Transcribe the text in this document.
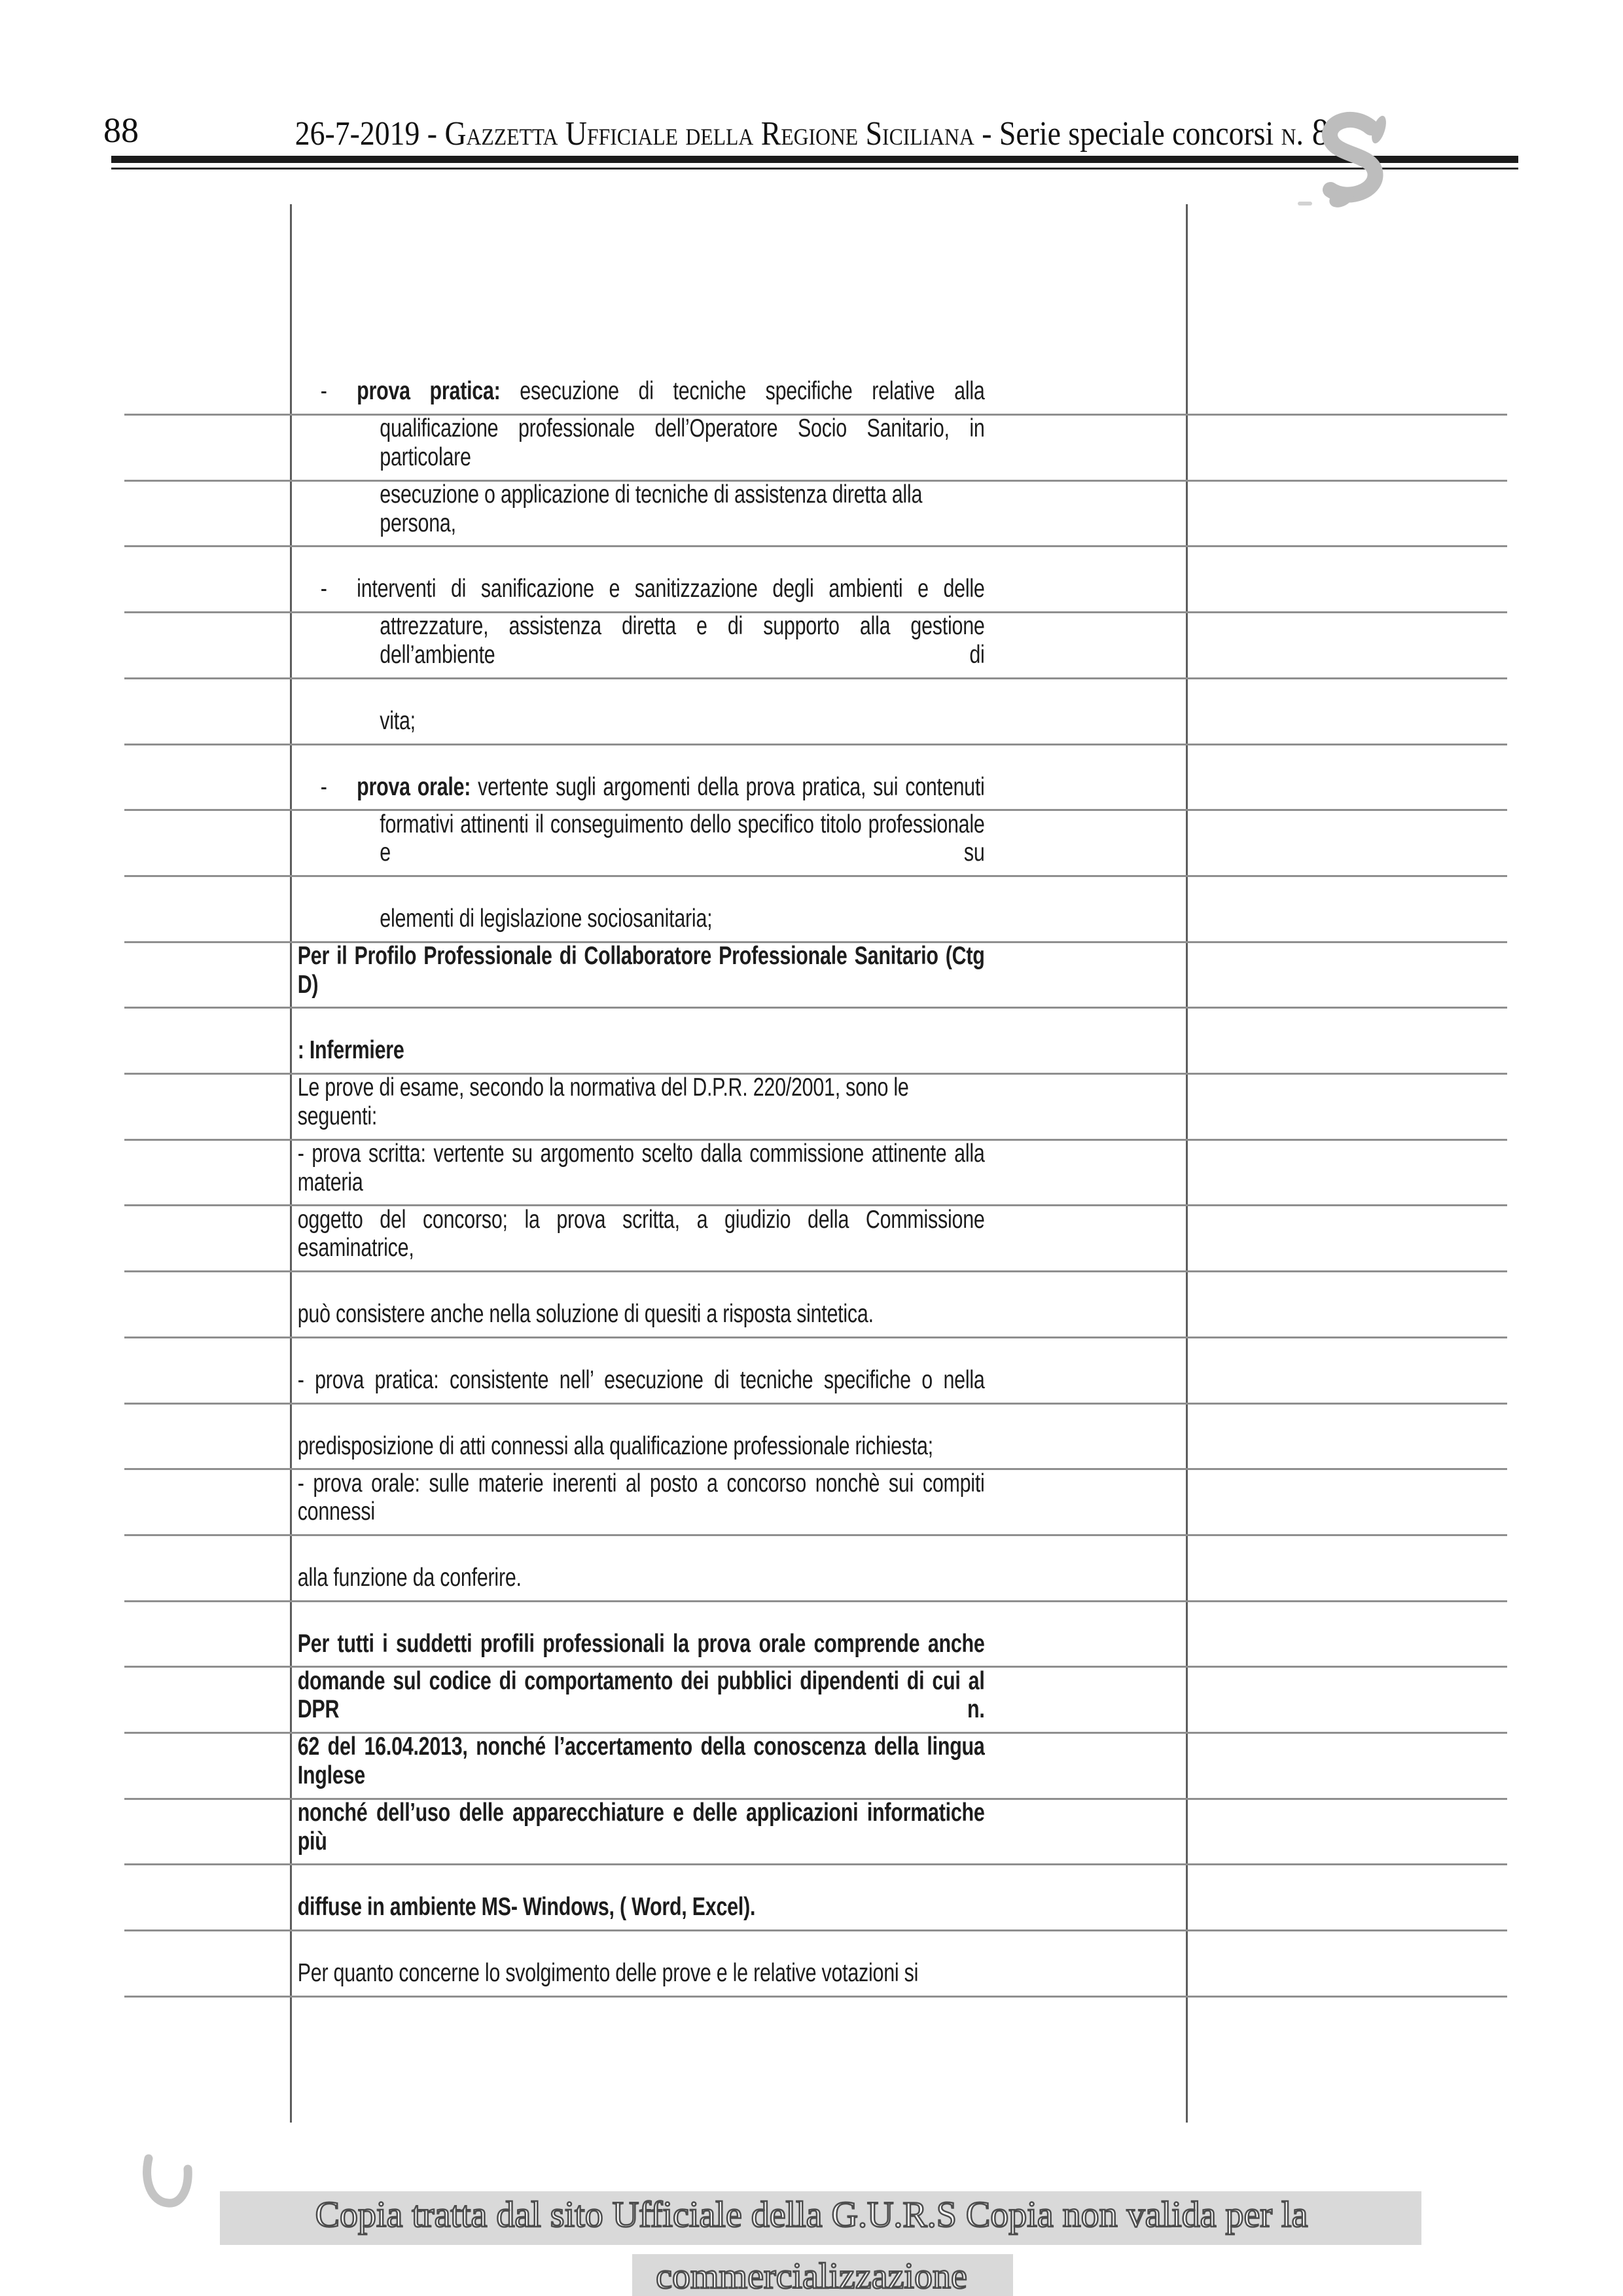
88	26-7-2019 - Gazzetta Ufficiale della Regione Siciliana - Serie speciale concorsi n. 8
- prova pratica: esecuzione di tecniche specifiche relative alla
qualificazione professionale dell’Operatore Socio Sanitario, in particolare
esecuzione o applicazione di tecniche di assistenza diretta alla persona,
- interventi di sanificazione e sanitizzazione degli ambienti e delle
attrezzature, assistenza diretta e di supporto alla gestione dell’ambiente di
vita;
- prova orale: vertente sugli argomenti della prova pratica, sui contenuti
formativi attinenti il conseguimento dello specifico titolo professionale e su
elementi di legislazione sociosanitaria;
Per il Profilo Professionale di Collaboratore Professionale Sanitario (Ctg D)
: Infermiere
Le prove di esame, secondo la normativa del D.P.R. 220/2001, sono le seguenti:
- prova scritta: vertente su argomento scelto dalla commissione attinente alla materia
oggetto del concorso; la prova scritta, a giudizio della Commissione esaminatrice,
può consistere anche nella soluzione di quesiti a risposta sintetica.
- prova pratica: consistente nell’ esecuzione di tecniche specifiche o nella
predisposizione di atti connessi alla qualificazione professionale richiesta;
- prova orale: sulle materie inerenti al posto a concorso nonchè sui compiti connessi
alla funzione da conferire.
Per tutti i suddetti profili professionali la prova orale comprende anche
domande sul codice di comportamento dei pubblici dipendenti di cui al DPR n.
62 del 16.04.2013, nonché l’accertamento della conoscenza della lingua Inglese
nonché dell’uso delle apparecchiature e delle applicazioni informatiche più
diffuse in ambiente MS- Windows, ( Word, Excel).
Per quanto concerne lo svolgimento delle prove e le relative votazioni si
Copia tratta dal sito Ufficiale della G.U.R.S Copia non valida per la
commercializzazione
